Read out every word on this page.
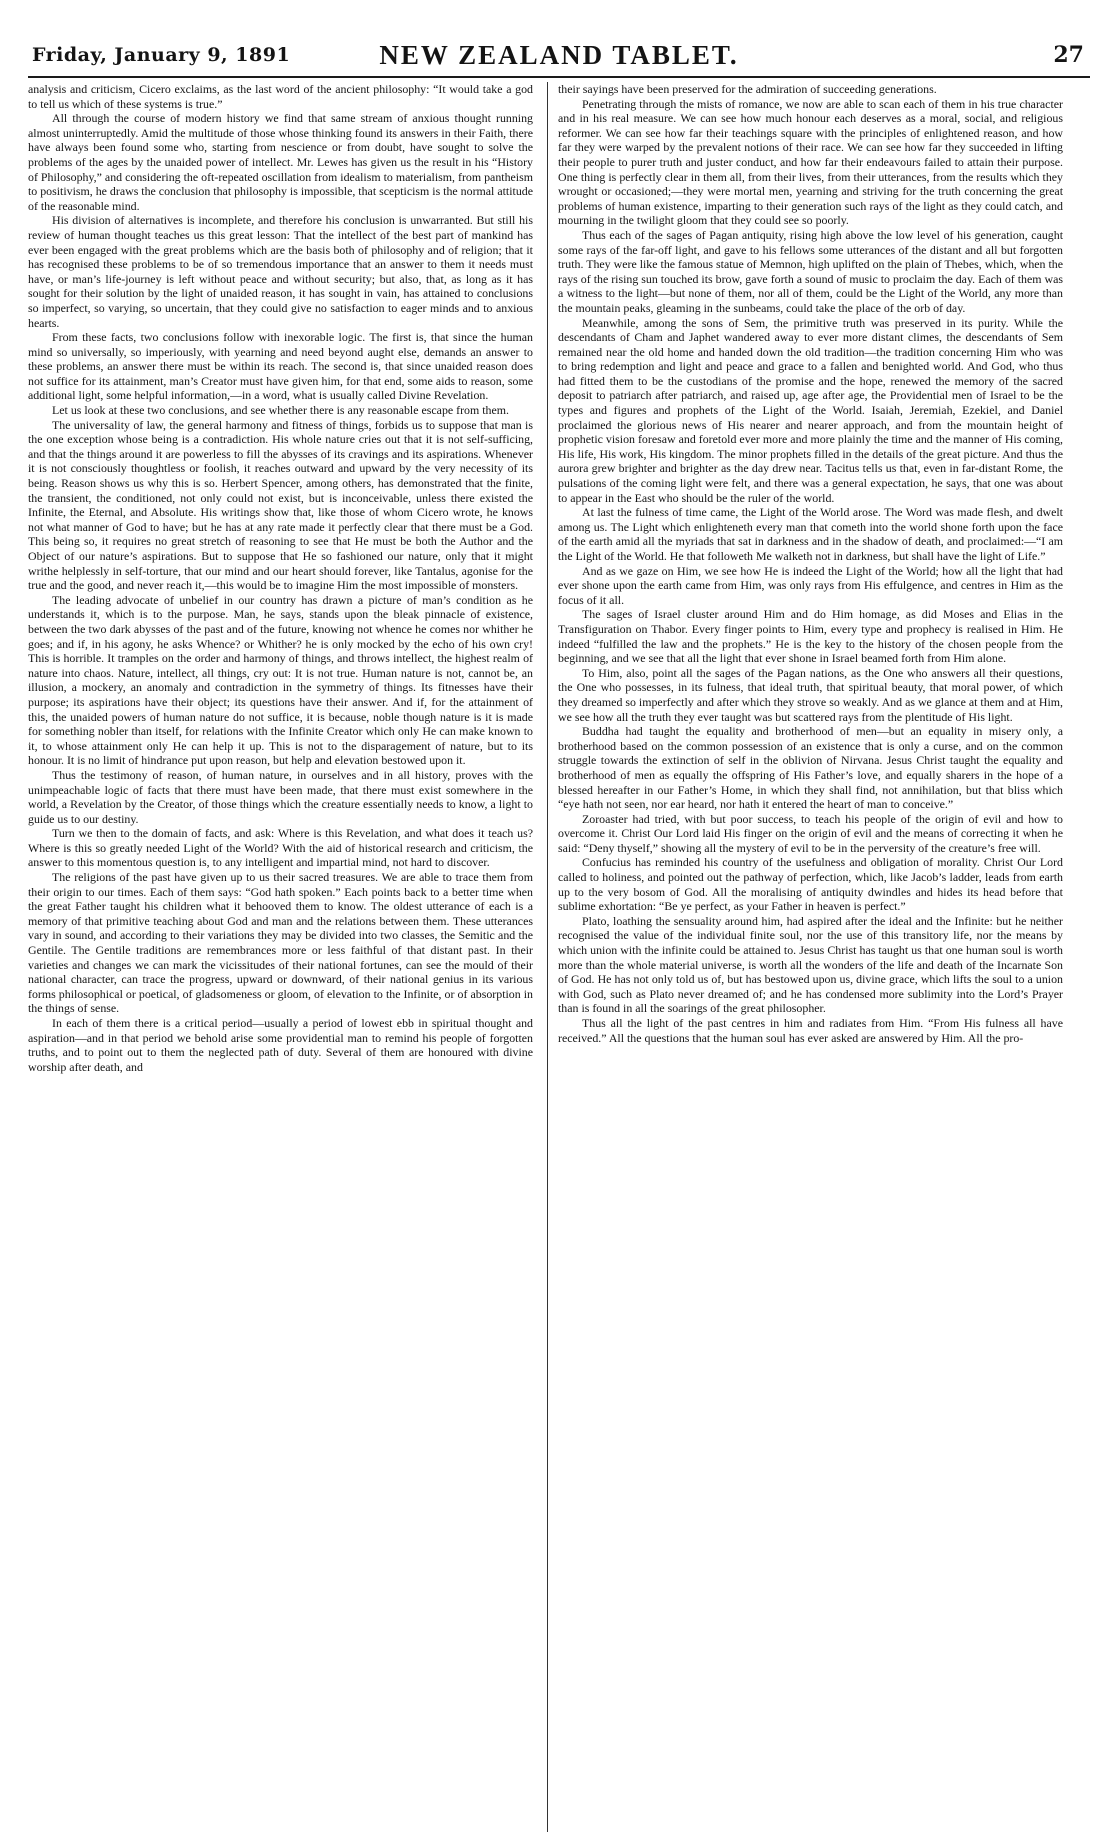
Friday, January 9, 1891	NEW ZEALAND TABLET.	27

analysis and criticism, Cicero exclaims, as the last word of the ancient philosophy: “It would take a god to tell us which of these systems is true.”

All through the course of modern history we find that same stream of anxious thought running almost uninterruptedly. Amid the multitude of those whose thinking found its answers in their Faith, there have always been found some who, starting from nescience or from doubt, have sought to solve the problems of the ages by the unaided power of intellect. Mr. Lewes has given us the result in his “History of Philosophy,” and considering the oft-repeated oscillation from idealism to materialism, from pantheism to positivism, he draws the conclusion that philosophy is impossible, that scepticism is the normal attitude of the reasonable mind.

His division of alternatives is incomplete, and therefore his conclusion is unwarranted. But still his review of human thought teaches us this great lesson: That the intellect of the best part of mankind has ever been engaged with the great problems which are the basis both of philosophy and of religion; that it has recognised these problems to be of so tremendous importance that an answer to them it needs must have, or man’s life-journey is left without peace and without security; but also, that, as long as it has sought for their solution by the light of unaided reason, it has sought in vain, has attained to conclusions so imperfect, so varying, so uncertain, that they could give no satisfaction to eager minds and to anxious hearts.

From these facts, two conclusions follow with inexorable logic. The first is, that since the human mind so universally, so imperiously, with yearning and need beyond aught else, demands an answer to these problems, an answer there must be within its reach. The second is, that since unaided reason does not suffice for its attainment, man’s Creator must have given him, for that end, some aids to reason, some additional light, some helpful information,—in a word, what is usually called Divine Revelation.

Let us look at these two conclusions, and see whether there is any reasonable escape from them.

The universality of law, the general harmony and fitness of things, forbids us to suppose that man is the one exception whose being is a contradiction. His whole nature cries out that it is not self-sufficing, and that the things around it are powerless to fill the abysses of its cravings and its aspirations. Whenever it is not consciously thoughtless or foolish, it reaches outward and upward by the very necessity of its being. Reason shows us why this is so. Herbert Spencer, among others, has demonstrated that the finite, the transient, the conditioned, not only could not exist, but is inconceivable, unless there existed the Infinite, the Eternal, and Absolute. His writings show that, like those of whom Cicero wrote, he knows not what manner of God to have; but he has at any rate made it perfectly clear that there must be a God. This being so, it requires no great stretch of reasoning to see that He must be both the Author and the Object of our nature’s aspirations. But to suppose that He so fashioned our nature, only that it might writhe helplessly in self-torture, that our mind and our heart should forever, like Tantalus, agonise for the true and the good, and never reach it,—this would be to imagine Him the most impossible of monsters.

The leading advocate of unbelief in our country has drawn a picture of man’s condition as he understands it, which is to the purpose. Man, he says, stands upon the bleak pinnacle of existence, between the two dark abysses of the past and of the future, knowing not whence he comes nor whither he goes; and if, in his agony, he asks Whence? or Whither? he is only mocked by the echo of his own cry! This is horrible. It tramples on the order and harmony of things, and throws intellect, the highest realm of nature into chaos. Nature, intellect, all things, cry out: It is not true. Human nature is not, cannot be, an illusion, a mockery, an anomaly and contradiction in the symmetry of things. Its fitnesses have their purpose; its aspirations have their object; its questions have their answer. And if, for the attainment of this, the unaided powers of human nature do not suffice, it is because, noble though nature is it is made for something nobler than itself, for relations with the Infinite Creator which only He can make known to it, to whose attainment only He can help it up. This is not to the disparagement of nature, but to its honour. It is no limit of hindrance put upon reason, but help and elevation bestowed upon it.

Thus the testimony of reason, of human nature, in ourselves and in all history, proves with the unimpeachable logic of facts that there must have been made, that there must exist somewhere in the world, a Revelation by the Creator, of those things which the creature essentially needs to know, a light to guide us to our destiny.

Turn we then to the domain of facts, and ask: Where is this Revelation, and what does it teach us? Where is this so greatly needed Light of the World? With the aid of historical research and criticism, the answer to this momentous question is, to any intelligent and impartial mind, not hard to discover.

The religions of the past have given up to us their sacred treasures. We are able to trace them from their origin to our times. Each of them says: “God hath spoken.” Each points back to a better time when the great Father taught his children what it behooved them to know. The oldest utterance of each is a memory of that primitive teaching about God and man and the relations between them. These utterances vary in sound, and according to their variations they may be divided into two classes, the Semitic and the Gentile. The Gentile traditions are remembrances more or less faithful of that distant past. In their varieties and changes we can mark the vicissitudes of their national fortunes, can see the mould of their national character, can trace the progress, upward or downward, of their national genius in its various forms philosophical or poetical, of gladsomeness or gloom, of elevation to the Infinite, or of absorption in the things of sense.

In each of them there is a critical period—usually a period of lowest ebb in spiritual thought and aspiration—and in that period we behold arise some providential man to remind his people of forgotten truths, and to point out to them the neglected path of duty. Several of them are honoured with divine worship after death, and

their sayings have been preserved for the admiration of succeeding generations.

Penetrating through the mists of romance, we now are able to scan each of them in his true character and in his real measure. We can see how much honour each deserves as a moral, social, and religious reformer. We can see how far their teachings square with the principles of enlightened reason, and how far they were warped by the prevalent notions of their race. We can see how far they succeeded in lifting their people to purer truth and juster conduct, and how far their endeavours failed to attain their purpose. One thing is perfectly clear in them all, from their lives, from their utterances, from the results which they wrought or occasioned;—they were mortal men, yearning and striving for the truth concerning the great problems of human existence, imparting to their generation such rays of the light as they could catch, and mourning in the twilight gloom that they could see so poorly.

Thus each of the sages of Pagan antiquity, rising high above the low level of his generation, caught some rays of the far-off light, and gave to his fellows some utterances of the distant and all but forgotten truth. They were like the famous statue of Memnon, high uplifted on the plain of Thebes, which, when the rays of the rising sun touched its brow, gave forth a sound of music to proclaim the day. Each of them was a witness to the light—but none of them, nor all of them, could be the Light of the World, any more than the mountain peaks, gleaming in the sunbeams, could take the place of the orb of day.

Meanwhile, among the sons of Sem, the primitive truth was preserved in its purity. While the descendants of Cham and Japhet wandered away to ever more distant climes, the descendants of Sem remained near the old home and handed down the old tradition—the tradition concerning Him who was to bring redemption and light and peace and grace to a fallen and benighted world. And God, who thus had fitted them to be the custodians of the promise and the hope, renewed the memory of the sacred deposit to patriarch after patriarch, and raised up, age after age, the Providential men of Israel to be the types and figures and prophets of the Light of the World. Isaiah, Jeremiah, Ezekiel, and Daniel proclaimed the glorious news of His nearer and nearer approach, and from the mountain height of prophetic vision foresaw and foretold ever more and more plainly the time and the manner of His coming, His life, His work, His kingdom. The minor prophets filled in the details of the great picture. And thus the aurora grew brighter and brighter as the day drew near. Tacitus tells us that, even in far-distant Rome, the pulsations of the coming light were felt, and there was a general expectation, he says, that one was about to appear in the East who should be the ruler of the world.

At last the fulness of time came, the Light of the World arose. The Word was made flesh, and dwelt among us. The Light which enlighteneth every man that cometh into the world shone forth upon the face of the earth amid all the myriads that sat in darkness and in the shadow of death, and proclaimed:—“I am the Light of the World. He that followeth Me walketh not in darkness, but shall have the light of Life.”

And as we gaze on Him, we see how He is indeed the Light of the World; how all the light that had ever shone upon the earth came from Him, was only rays from His effulgence, and centres in Him as the focus of it all.

The sages of Israel cluster around Him and do Him homage, as did Moses and Elias in the Transfiguration on Thabor. Every finger points to Him, every type and prophecy is realised in Him. He indeed “fulfilled the law and the prophets.” He is the key to the history of the chosen people from the beginning, and we see that all the light that ever shone in Israel beamed forth from Him alone.

To Him, also, point all the sages of the Pagan nations, as the One who answers all their questions, the One who possesses, in its fulness, that ideal truth, that spiritual beauty, that moral power, of which they dreamed so imperfectly and after which they strove so weakly. And as we glance at them and at Him, we see how all the truth they ever taught was but scattered rays from the plentitude of His light.

Buddha had taught the equality and brotherhood of men—but an equality in misery only, a brotherhood based on the common possession of an existence that is only a curse, and on the common struggle towards the extinction of self in the oblivion of Nirvana. Jesus Christ taught the equality and brotherhood of men as equally the offspring of His Father’s love, and equally sharers in the hope of a blessed hereafter in our Father’s Home, in which they shall find, not annihilation, but that bliss which “eye hath not seen, nor ear heard, nor hath it entered the heart of man to conceive.”

Zoroaster had tried, with but poor success, to teach his people of the origin of evil and how to overcome it. Christ Our Lord laid His finger on the origin of evil and the means of correcting it when he said: “Deny thyself,” showing all the mystery of evil to be in the perversity of the creature’s free will.

Confucius has reminded his country of the usefulness and obligation of morality. Christ Our Lord called to holiness, and pointed out the pathway of perfection, which, like Jacob’s ladder, leads from earth up to the very bosom of God. All the moralising of antiquity dwindles and hides its head before that sublime exhortation: “Be ye perfect, as your Father in heaven is perfect.”

Plato, loathing the sensuality around him, had aspired after the ideal and the Infinite: but he neither recognised the value of the individual finite soul, nor the use of this transitory life, nor the means by which union with the infinite could be attained to. Jesus Christ has taught us that one human soul is worth more than the whole material universe, is worth all the wonders of the life and death of the Incarnate Son of God. He has not only told us of, but has bestowed upon us, divine grace, which lifts the soul to a union with God, such as Plato never dreamed of; and he has condensed more sublimity into the Lord’s Prayer than is found in all the soarings of the great philosopher.

Thus all the light of the past centres in him and radiates from Him. “From His fulness all have received.” All the questions that the human soul has ever asked are answered by Him. All the pro-
